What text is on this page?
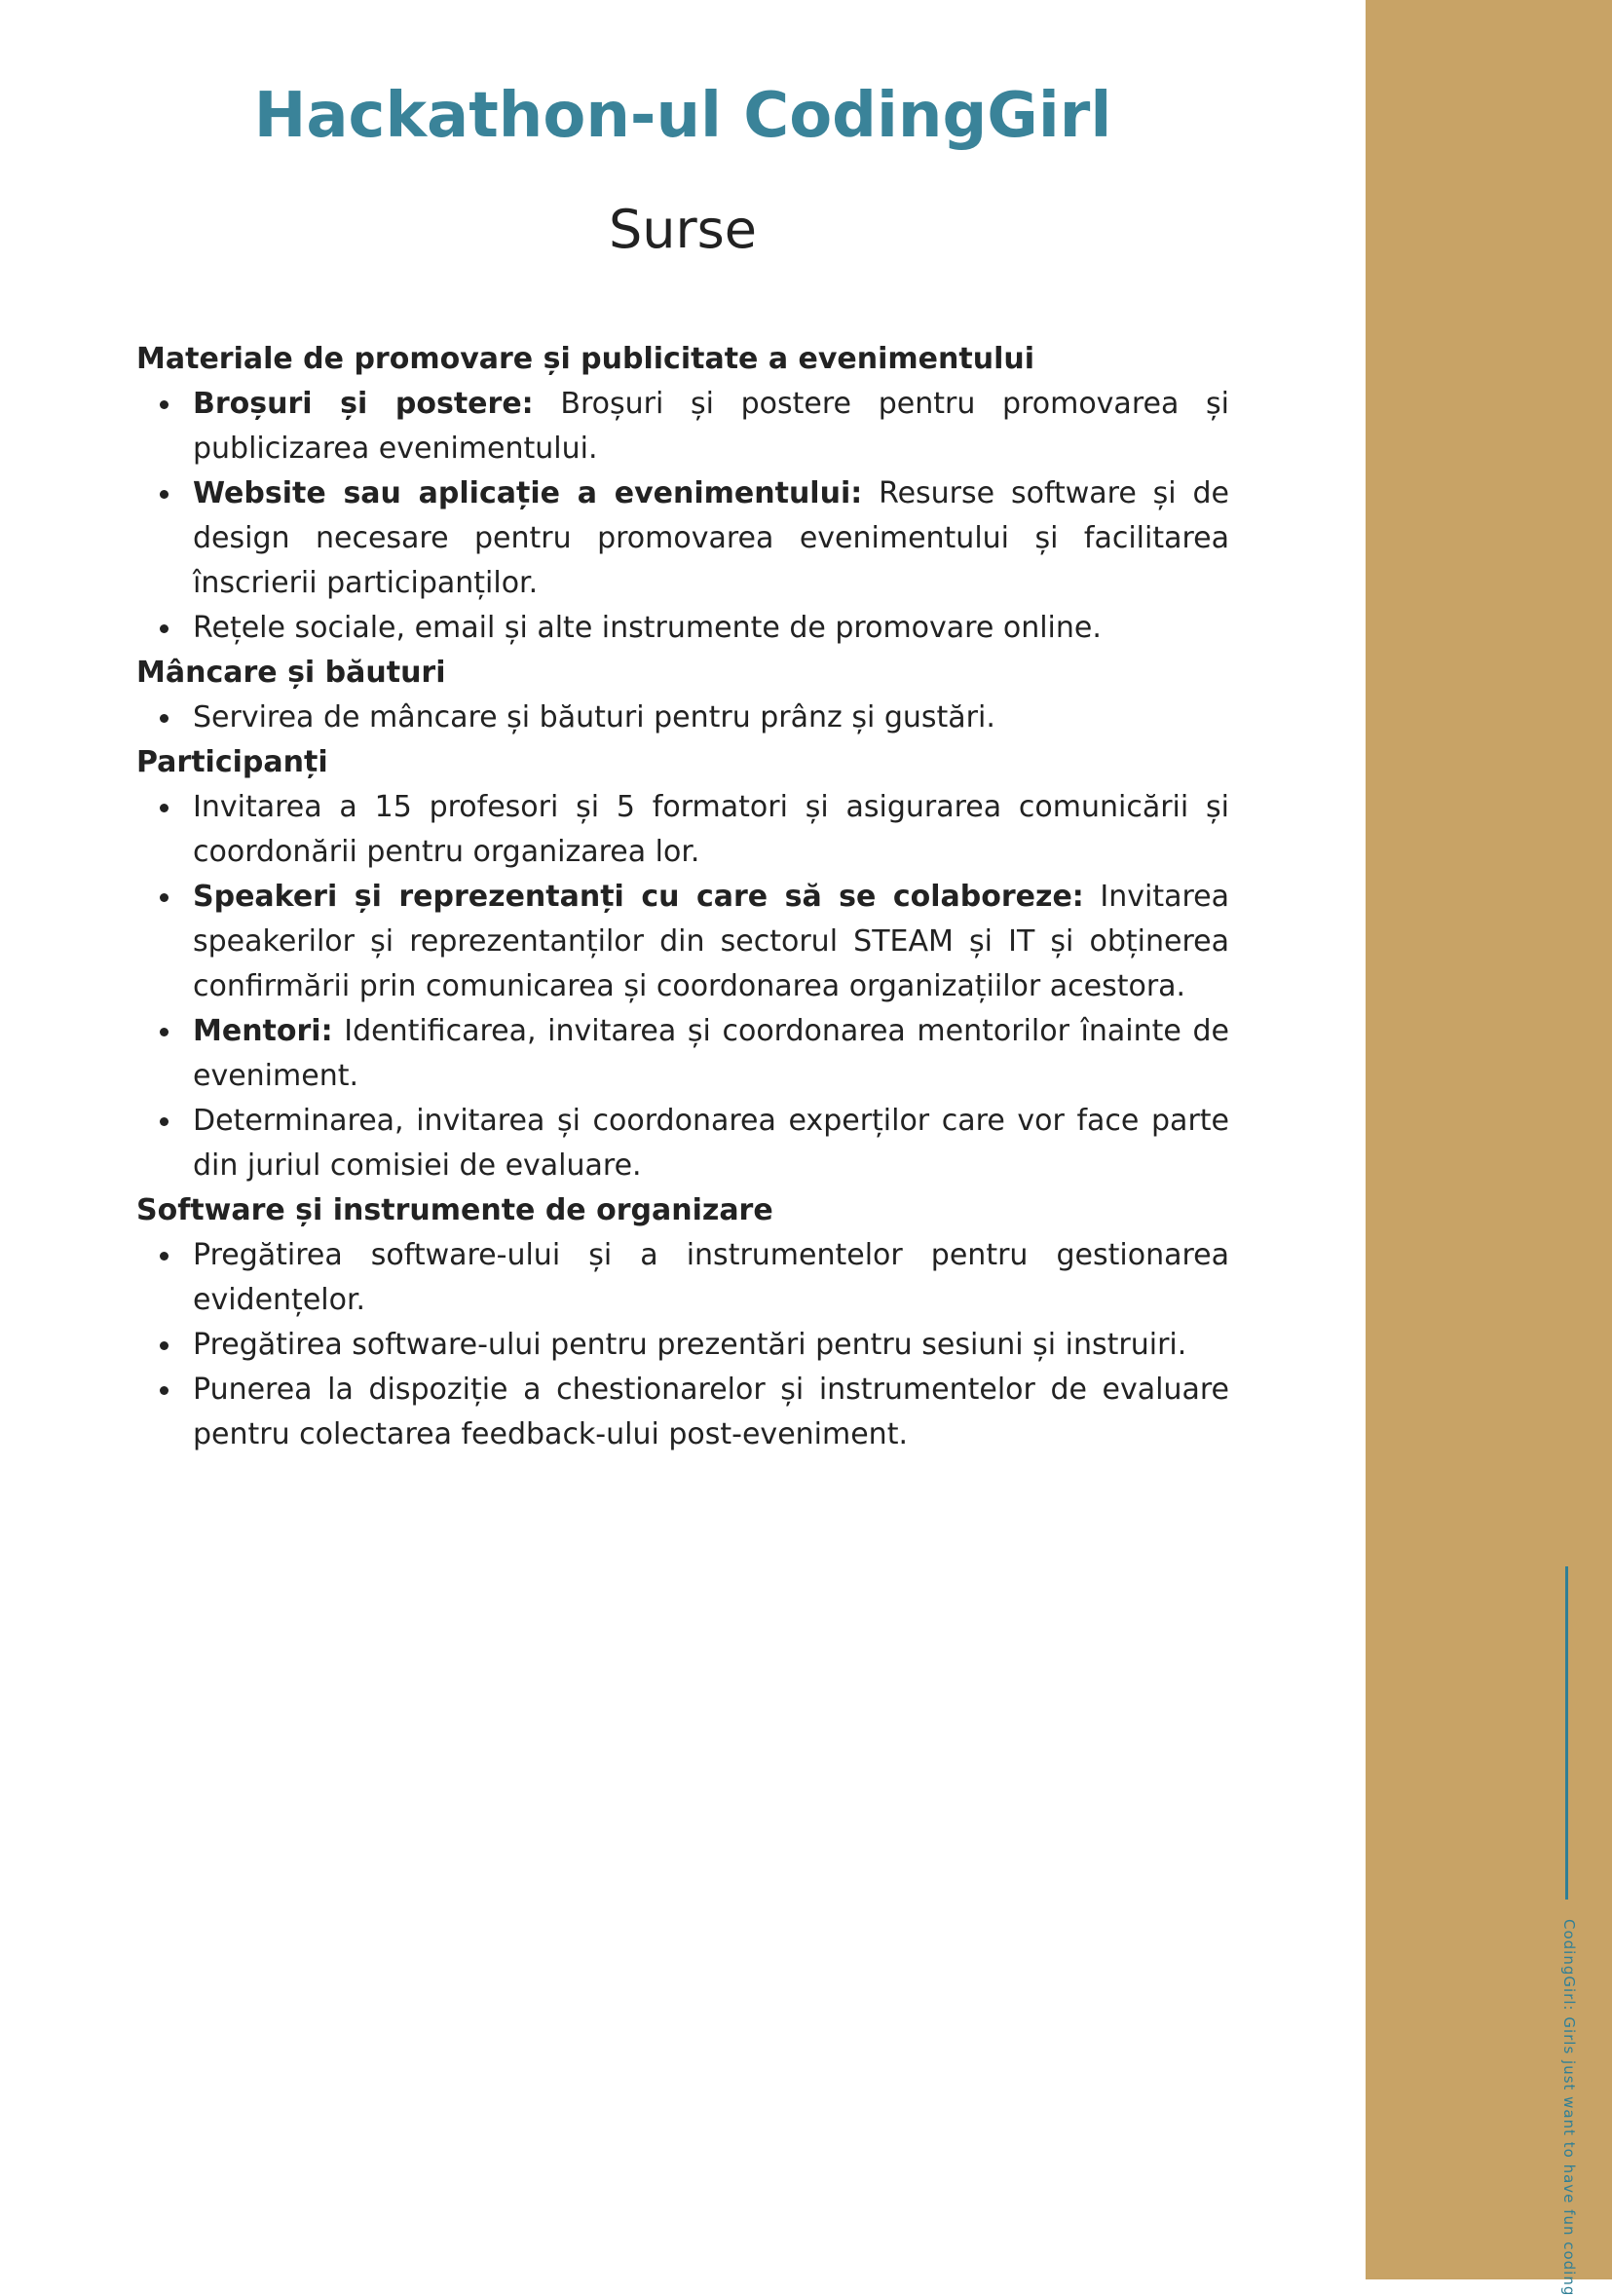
Hackathon-ul CodingGirl
Surse

Materiale de promovare și publicitate a evenimentului

Broșuri și postere: Broșuri și postere pentru promovarea și publicizarea evenimentului.
Website sau aplicație a evenimentului: Resurse software și de design necesare pentru promovarea evenimentului și facilitarea înscrierii participanților.
Rețele sociale, email și alte instrumente de promovare online.

Mâncare și băuturi

Servirea de mâncare și băuturi pentru prânz și gustări.

Participanți

Invitarea a 15 profesori și 5 formatori și asigurarea comunicării și coordonării pentru organizarea lor.
Speakeri și reprezentanți cu care să se colaboreze: Invitarea speakerilor și reprezentanților din sectorul STEAM și IT și obținerea confirmării prin comunicarea și coordonarea organizațiilor acestora.
Mentori: Identificarea, invitarea și coordonarea mentorilor înainte de eveniment.
Determinarea, invitarea și coordonarea experților care vor face parte din juriul comisiei de evaluare.

Software și instrumente de organizare

Pregătirea software-ului și a instrumentelor pentru gestionarea evidențelor.
Pregătirea software-ului pentru prezentări pentru sesiuni și instruiri.
Punerea la dispoziție a chestionarelor și instrumentelor de evaluare pentru colectarea feedback-ului post-eveniment.
CodingGirl: Girls just want to have fun coding
